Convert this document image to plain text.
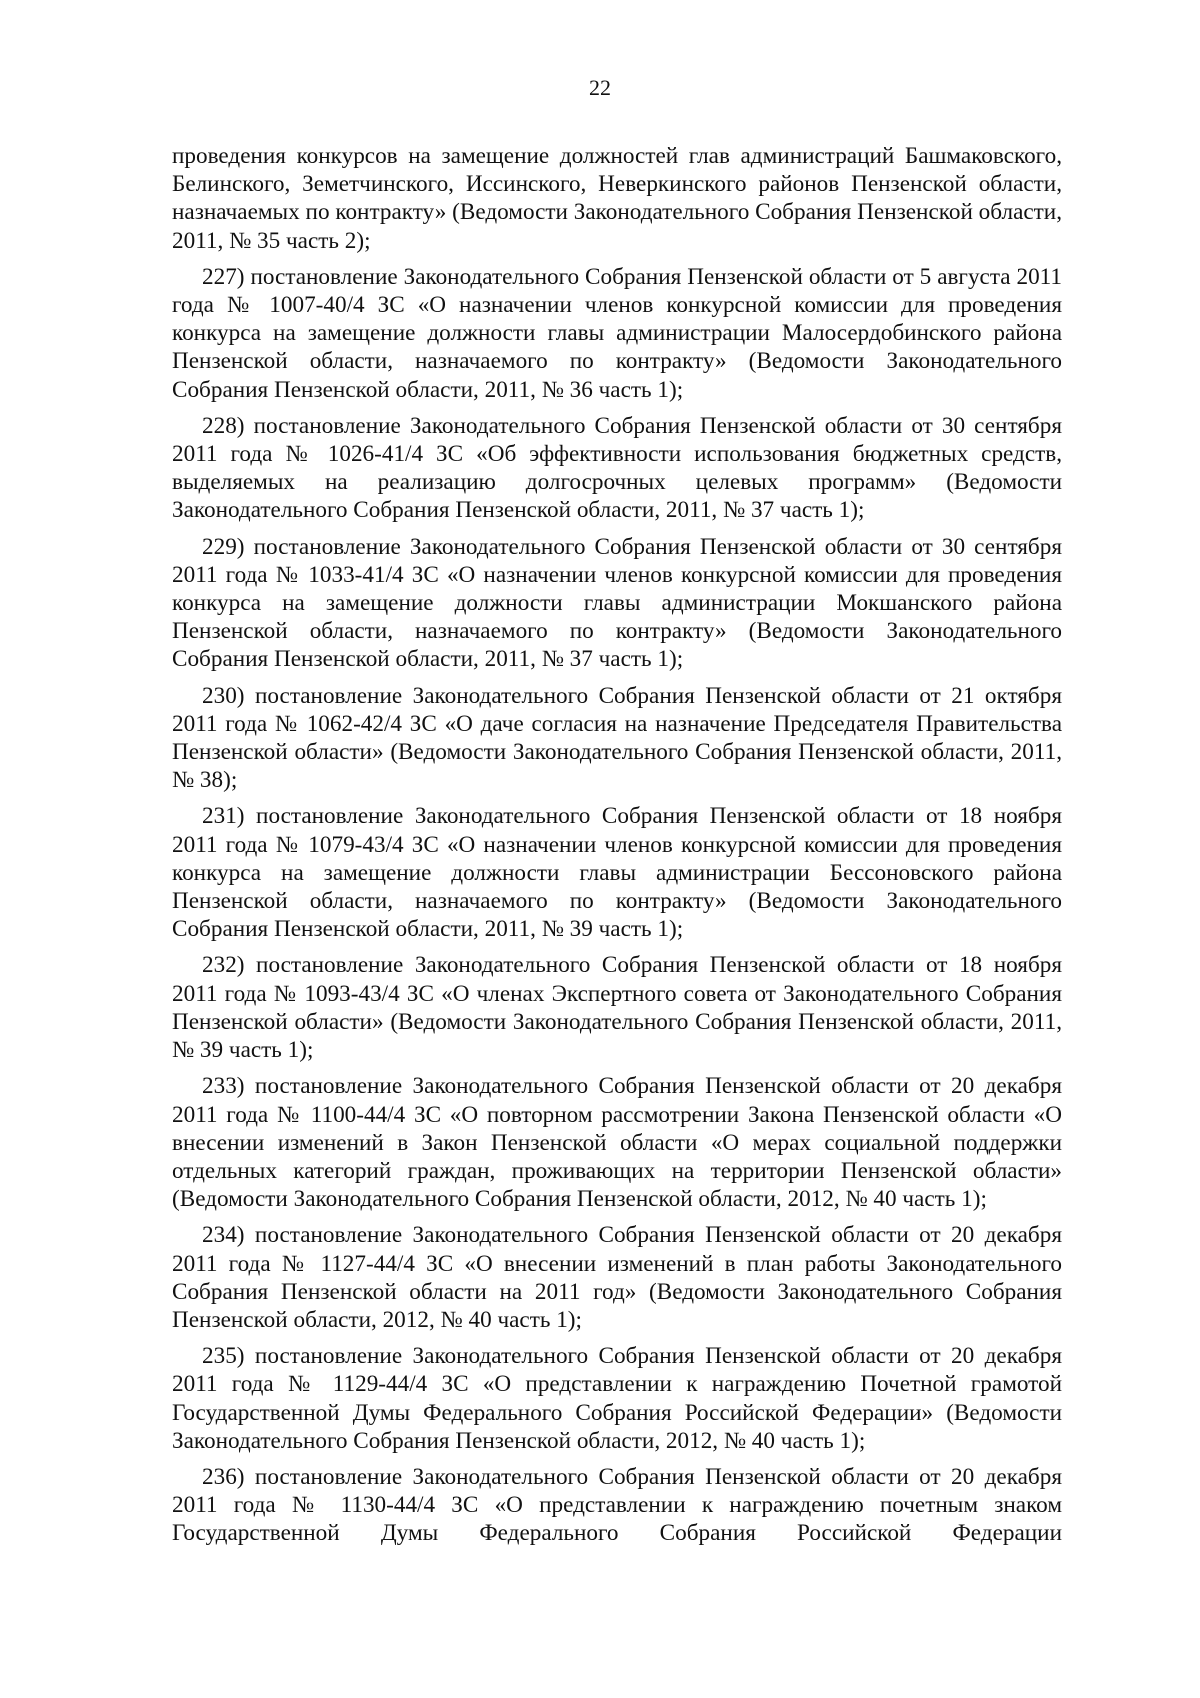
22

проведения конкурсов на замещение должностей глав администраций Башмаковского, Белинского, Земетчинского, Иссинского, Неверкинского районов Пензенской области, назначаемых по контракту» (Ведомости Законодательного Собрания Пензенской области, 2011, № 35 часть 2);

227) постановление Законодательного Собрания Пензенской области от 5 августа 2011 года № 1007-40/4 ЗС «О назначении членов конкурсной комиссии для проведения конкурса на замещение должности главы администрации Малосердобинского района Пензенской области, назначаемого по контракту» (Ведомости Законодательного Собрания Пензенской области, 2011, № 36 часть 1);

228) постановление Законодательного Собрания Пензенской области от 30 сентября 2011 года № 1026-41/4 ЗС «Об эффективности использования бюджетных средств, выделяемых на реализацию долгосрочных целевых программ» (Ведомости Законодательного Собрания Пензенской области, 2011, № 37 часть 1);

229) постановление Законодательного Собрания Пензенской области от 30 сентября 2011 года № 1033-41/4 ЗС «О назначении членов конкурсной комиссии для проведения конкурса на замещение должности главы администрации Мокшанского района Пензенской области, назначаемого по контракту» (Ведомости Законодательного Собрания Пензенской области, 2011, № 37 часть 1);

230) постановление Законодательного Собрания Пензенской области от 21 октября 2011 года № 1062-42/4 ЗС «О даче согласия на назначение Председателя Правительства Пензенской области» (Ведомости Законодательного Собрания Пензенской области, 2011, № 38);

231) постановление Законодательного Собрания Пензенской области от 18 ноября 2011 года № 1079-43/4 ЗС «О назначении членов конкурсной комиссии для проведения конкурса на замещение должности главы администрации Бессоновского района Пензенской области, назначаемого по контракту» (Ведомости Законодательного Собрания Пензенской области, 2011, № 39 часть 1);

232) постановление Законодательного Собрания Пензенской области от 18 ноября 2011 года № 1093-43/4 ЗС «О членах Экспертного совета от Законодательного Собрания Пензенской области» (Ведомости Законодательного Собрания Пензенской области, 2011, № 39 часть 1);

233) постановление Законодательного Собрания Пензенской области от 20 декабря 2011 года № 1100-44/4 ЗС «О повторном рассмотрении Закона Пензенской области «О внесении изменений в Закон Пензенской области «О мерах социальной поддержки отдельных категорий граждан, проживающих на территории Пензенской области» (Ведомости Законодательного Собрания Пензенской области, 2012, № 40 часть 1);

234) постановление Законодательного Собрания Пензенской области от 20 декабря 2011 года № 1127-44/4 ЗС «О внесении изменений в план работы Законодательного Собрания Пензенской области на 2011 год» (Ведомости Законодательного Собрания Пензенской области, 2012, № 40 часть 1);

235) постановление Законодательного Собрания Пензенской области от 20 декабря 2011 года № 1129-44/4 ЗС «О представлении к награждению Почетной грамотой Государственной Думы Федерального Собрания Российской Федерации» (Ведомости Законодательного Собрания Пензенской области, 2012, № 40 часть 1);

236) постановление Законодательного Собрания Пензенской области от 20 декабря 2011 года № 1130-44/4 ЗС «О представлении к награждению почетным знаком Государственной Думы Федерального Собрания Российской Федерации
